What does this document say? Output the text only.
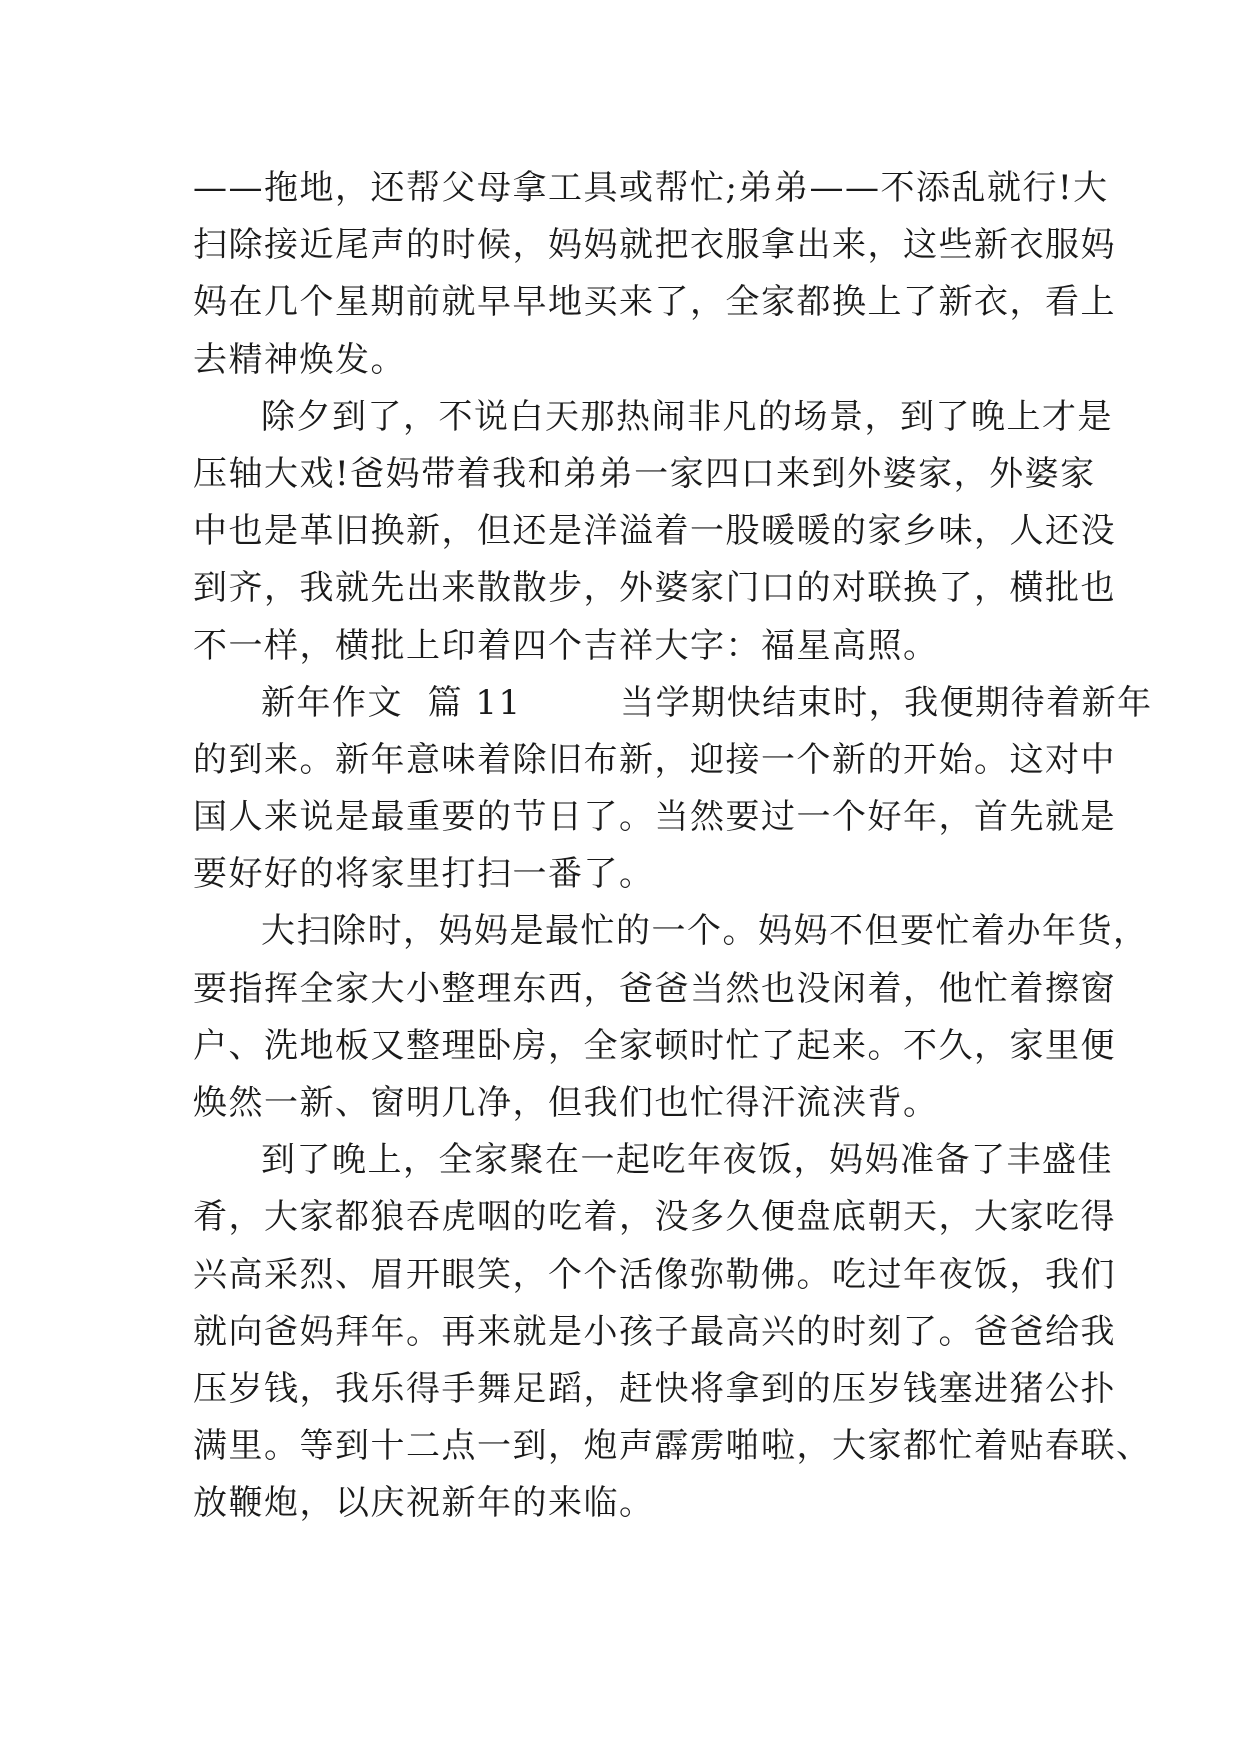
——拖地，还帮父母拿工具或帮忙;弟弟——不添乱就行!大
扫除接近尾声的时候，妈妈就把衣服拿出来，这些新衣服妈
妈在几个星期前就早早地买来了，全家都换上了新衣，看上
去精神焕发。
除夕到了，不说白天那热闹非凡的场景，到了晚上才是
压轴大戏!爸妈带着我和弟弟一家四口来到外婆家，外婆家
中也是革旧换新，但还是洋溢着一股暖暖的家乡味，人还没
到齐，我就先出来散散步，外婆家门口的对联换了，横批也
不一样，横批上印着四个吉祥大字：福星高照。
新年作文  篇 11        当学期快结束时，我便期待着新年
的到来。新年意味着除旧布新，迎接一个新的开始。这对中
国人来说是最重要的节日了。当然要过一个好年，首先就是
要好好的将家里打扫一番了。
大扫除时，妈妈是最忙的一个。妈妈不但要忙着办年货，
要指挥全家大小整理东西，爸爸当然也没闲着，他忙着擦窗
户、洗地板又整理卧房，全家顿时忙了起来。不久，家里便
焕然一新、窗明几净，但我们也忙得汗流浃背。
到了晚上，全家聚在一起吃年夜饭，妈妈准备了丰盛佳
肴，大家都狼吞虎咽的吃着，没多久便盘底朝天，大家吃得
兴高采烈、眉开眼笑，个个活像弥勒佛。吃过年夜饭，我们
就向爸妈拜年。再来就是小孩子最高兴的时刻了。爸爸给我
压岁钱，我乐得手舞足蹈，赶快将拿到的压岁钱塞进猪公扑
满里。等到十二点一到，炮声霹雳啪啦，大家都忙着贴春联、
放鞭炮，以庆祝新年的来临。
